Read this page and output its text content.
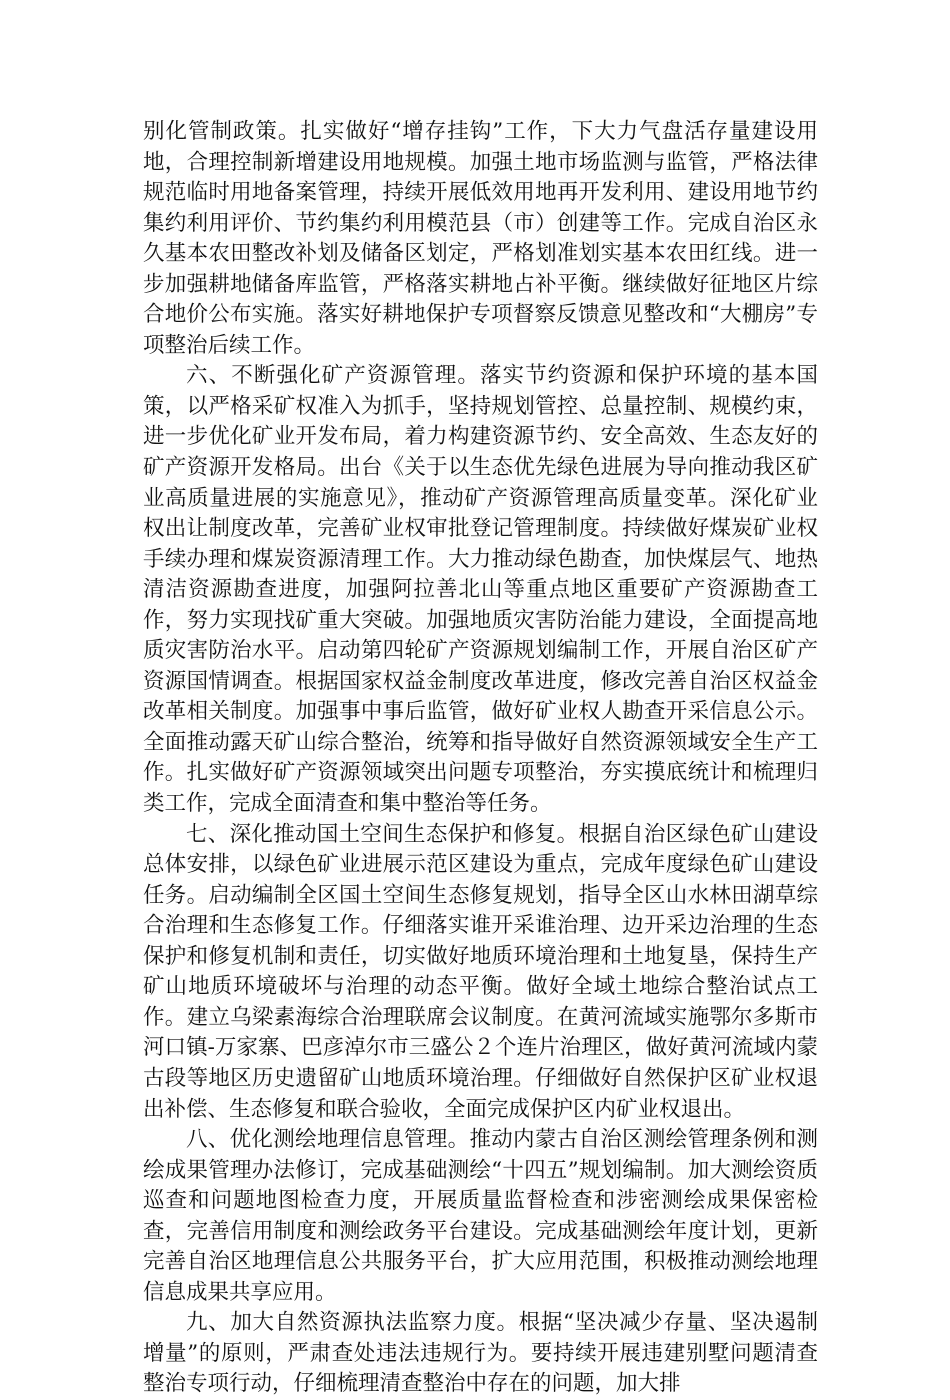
别化管制政策。扎实做好“增存挂钩”工作，下大力气盘活存量建设用地，合理控制新增建设用地规模。加强土地市场监测与监管，严格法律规范临时用地备案管理，持续开展低效用地再开发利用、建设用地节约集约利用评价、节约集约利用模范县（市）创建等工作。完成自治区永久基本农田整改补划及储备区划定，严格划准划实基本农田红线。进一步加强耕地储备库监管，严格落实耕地占补平衡。继续做好征地区片综合地价公布实施。落实好耕地保护专项督察反馈意见整改和“大棚房”专项整治后续工作。

六、不断强化矿产资源管理。落实节约资源和保护环境的基本国策，以严格采矿权准入为抓手，坚持规划管控、总量控制、规模约束，进一步优化矿业开发布局，着力构建资源节约、安全高效、生态友好的矿产资源开发格局。出台《关于以生态优先绿色进展为导向推动我区矿业高质量进展的实施意见》，推动矿产资源管理高质量变革。深化矿业权出让制度改革，完善矿业权审批登记管理制度。持续做好煤炭矿业权手续办理和煤炭资源清理工作。大力推动绿色勘查，加快煤层气、地热清洁资源勘查进度，加强阿拉善北山等重点地区重要矿产资源勘查工作，努力实现找矿重大突破。加强地质灾害防治能力建设，全面提高地质灾害防治水平。启动第四轮矿产资源规划编制工作，开展自治区矿产资源国情调查。根据国家权益金制度改革进度，修改完善自治区权益金改革相关制度。加强事中事后监管，做好矿业权人勘查开采信息公示。全面推动露天矿山综合整治，统筹和指导做好自然资源领域安全生产工作。扎实做好矿产资源领域突出问题专项整治，夯实摸底统计和梳理归类工作，完成全面清查和集中整治等任务。

七、深化推动国土空间生态保护和修复。根据自治区绿色矿山建设总体安排，以绿色矿业进展示范区建设为重点，完成年度绿色矿山建设任务。启动编制全区国土空间生态修复规划，指导全区山水林田湖草综合治理和生态修复工作。仔细落实谁开采谁治理、边开采边治理的生态保护和修复机制和责任，切实做好地质环境治理和土地复垦，保持生产矿山地质环境破坏与治理的动态平衡。做好全域土地综合整治试点工作。建立乌梁素海综合治理联席会议制度。在黄河流域实施鄂尔多斯市河口镇-万家寨、巴彦淖尔市三盛公２个连片治理区，做好黄河流域内蒙古段等地区历史遗留矿山地质环境治理。仔细做好自然保护区矿业权退出补偿、生态修复和联合验收，全面完成保护区内矿业权退出。

八、优化测绘地理信息管理。推动内蒙古自治区测绘管理条例和测绘成果管理办法修订，完成基础测绘“十四五”规划编制。加大测绘资质巡查和问题地图检查力度，开展质量监督检查和涉密测绘成果保密检查，完善信用制度和测绘政务平台建设。完成基础测绘年度计划，更新完善自治区地理信息公共服务平台，扩大应用范围，积极推动测绘地理信息成果共享应用。

九、加大自然资源执法监察力度。根据“坚决减少存量、坚决遏制增量”的原则，严肃查处违法违规行为。要持续开展违建别墅问题清查整治专项行动，仔细梳理清查整治中存在的问题，加大排
